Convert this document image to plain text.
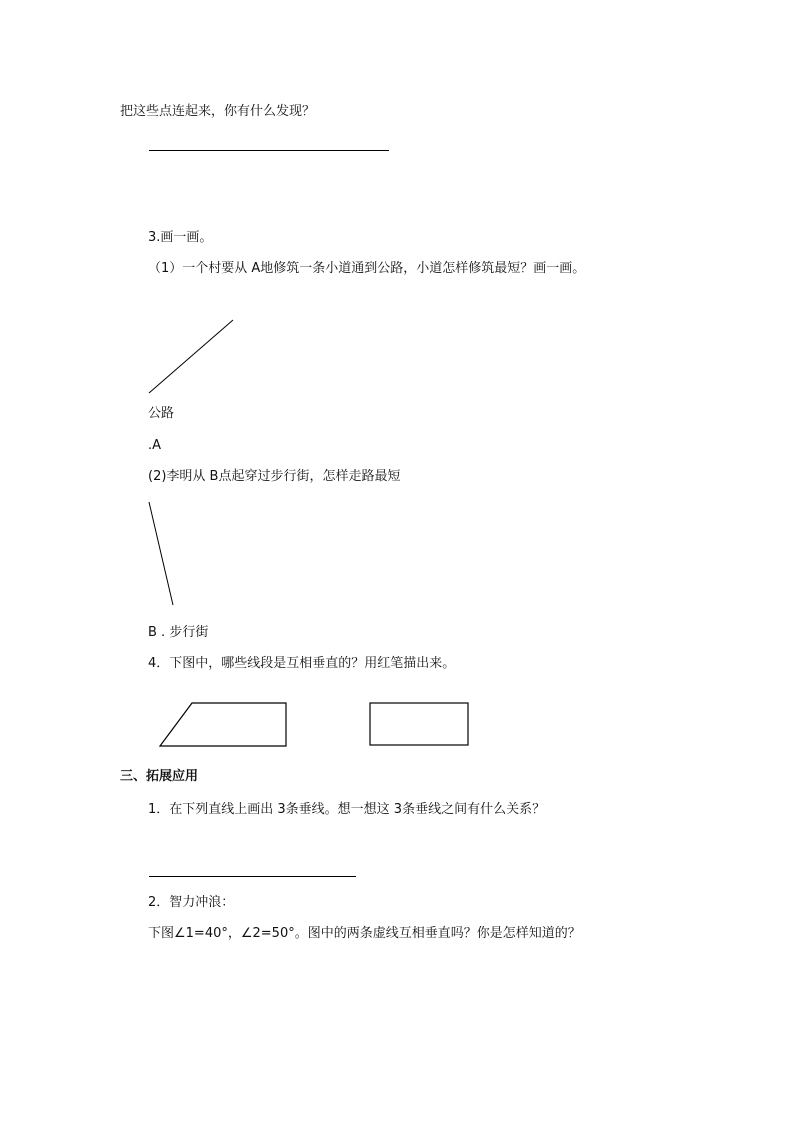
把这些点连起来，你有什么发现？
3.画一画。
（1）一个村要从 A地修筑一条小道通到公路，小道怎样修筑最短？画一画。
公路
.A
(2)李明从 B点起穿过步行街，怎样走路最短
B . 步行街
4．下图中，哪些线段是互相垂直的？用红笔描出来。
三、拓展应用
1．在下列直线上画出 3条垂线。想一想这 3条垂线之间有什么关系？
2．智力冲浪：
下图∠1=40°，∠2=50°。图中的两条虚线互相垂直吗？你是怎样知道的？
